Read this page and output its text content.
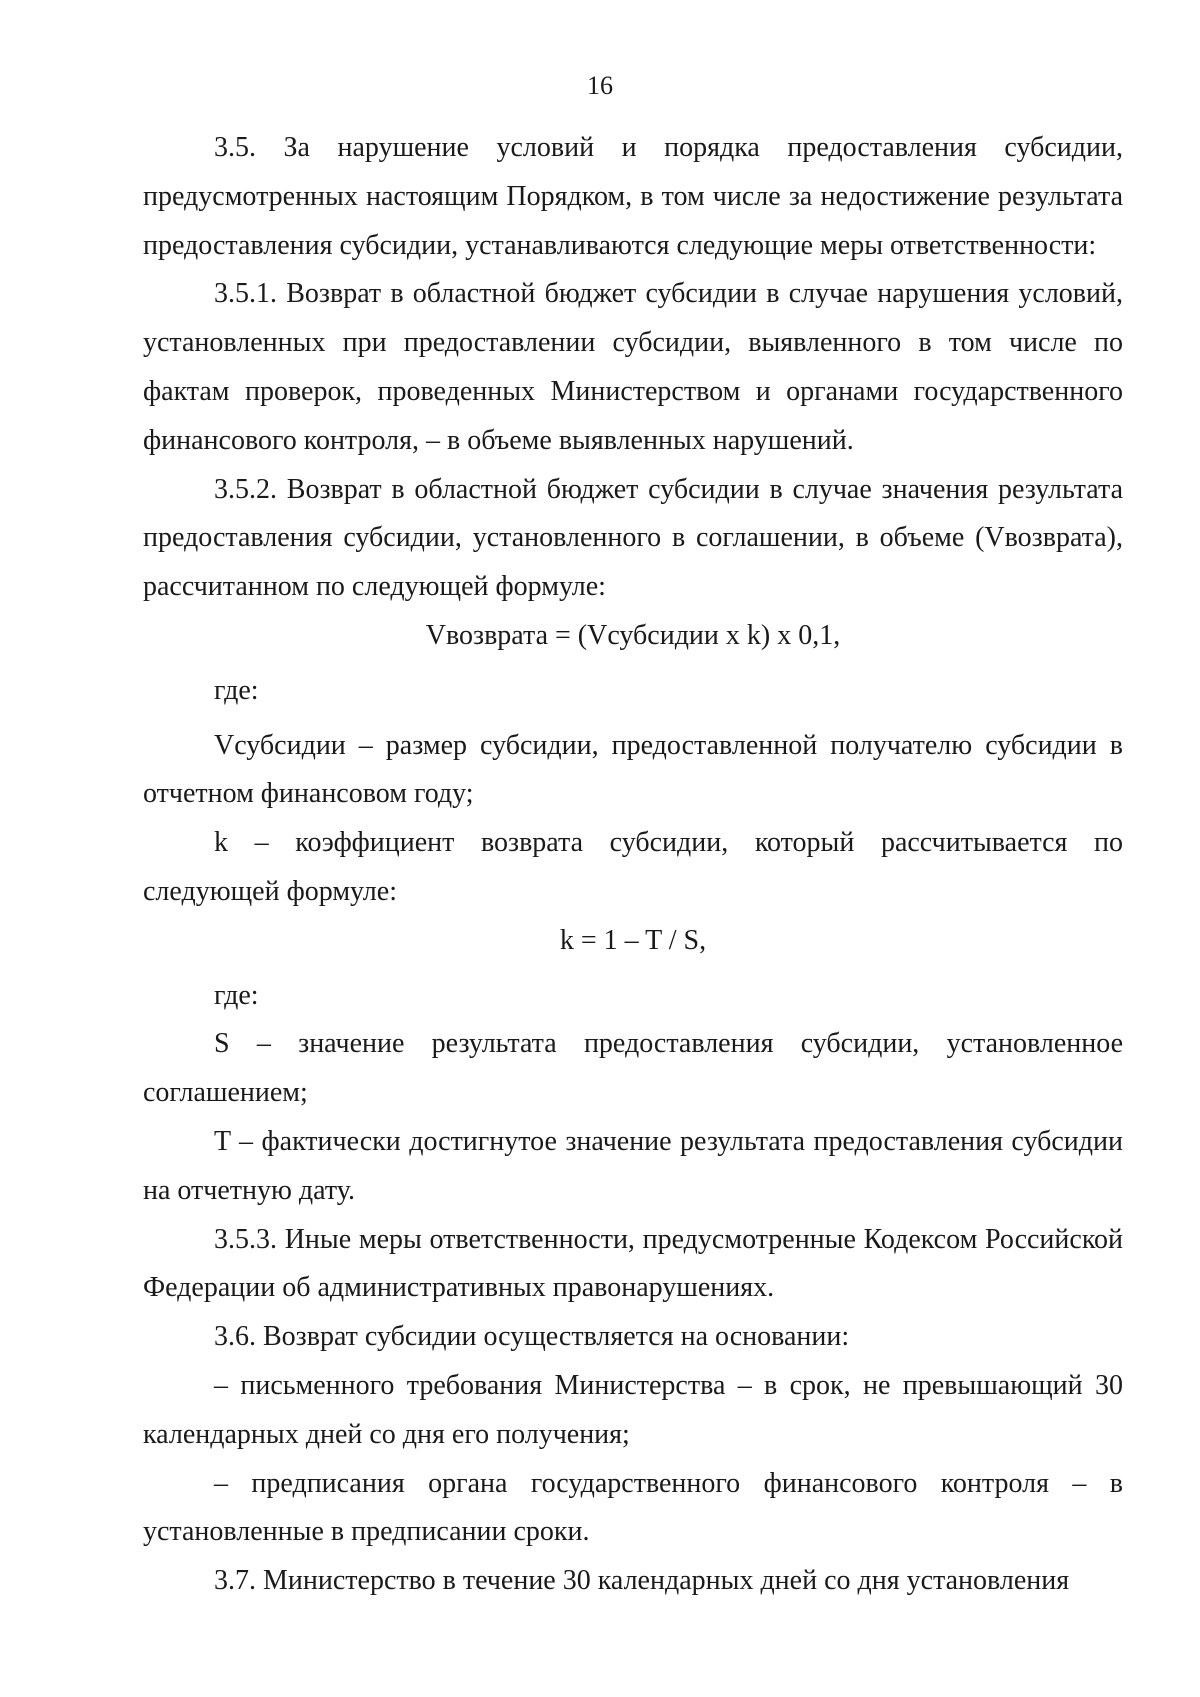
16

3.5. За нарушение условий и порядка предоставления субсидии, предусмотренных настоящим Порядком, в том числе за недостижение результата предоставления субсидии, устанавливаются следующие меры ответственности:

3.5.1. Возврат в областной бюджет субсидии в случае нарушения условий, установленных при предоставлении субсидии, выявленного в том числе по фактам проверок, проведенных Министерством и органами государственного финансового контроля, – в объеме выявленных нарушений.

3.5.2. Возврат в областной бюджет субсидии в случае значения результата предоставления субсидии, установленного в соглашении, в объеме (Vвозврата), рассчитанном по следующей формуле:

Vвозврата = (Vсубсидии x k) x 0,1,

где:

Vсубсидии – размер субсидии, предоставленной получателю субсидии в отчетном финансовом году;

k – коэффициент возврата субсидии, который рассчитывается по следующей формуле:

k = 1 – T / S,

где:

S – значение результата предоставления субсидии, установленное соглашением;

T – фактически достигнутое значение результата предоставления субсидии на отчетную дату.

3.5.3. Иные меры ответственности, предусмотренные Кодексом Российской Федерации об административных правонарушениях.

3.6. Возврат субсидии осуществляется на основании:

– письменного требования Министерства – в срок, не превышающий 30 календарных дней со дня его получения;

– предписания органа государственного финансового контроля – в установленные в предписании сроки.

3.7. Министерство в течение 30 календарных дней со дня установления
